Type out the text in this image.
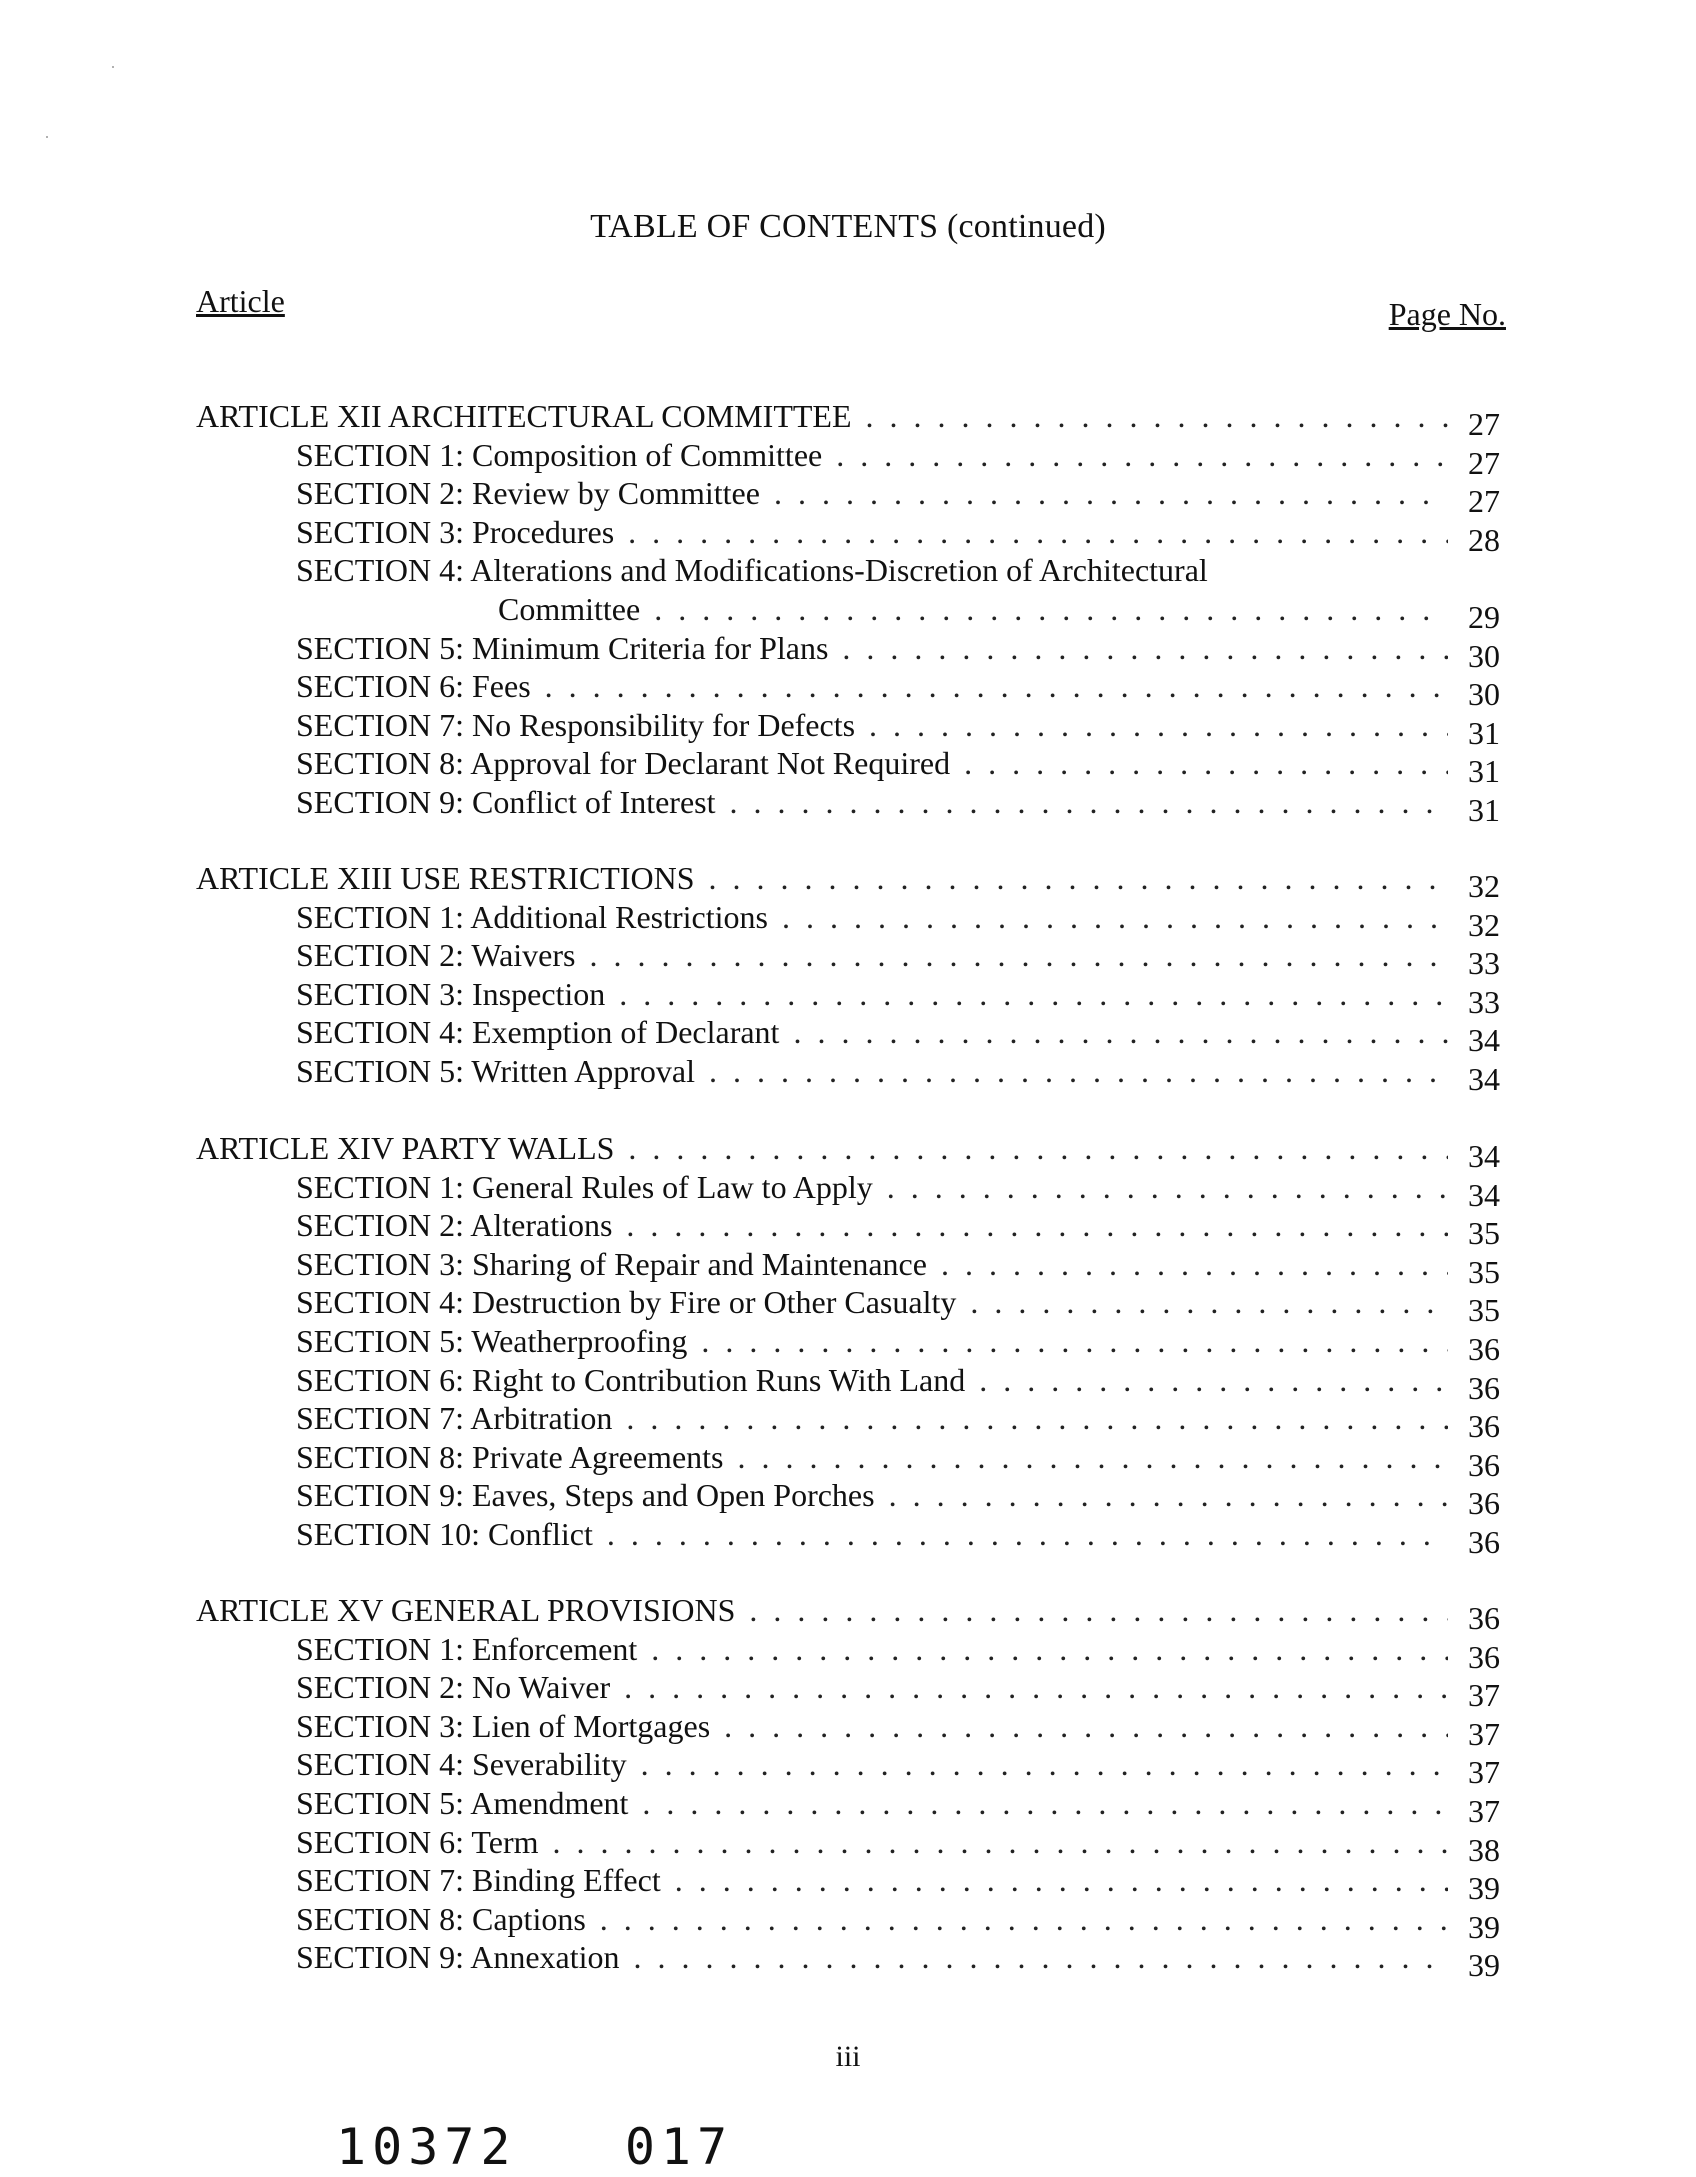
TABLE OF CONTENTS (continued)
Article	Page No.
ARTICLE XII ARCHITECTURAL COMMITTEE . . .	27
SECTION 1: Composition of Committee . . .	27
SECTION 2: Review by Committee . . .	27
SECTION 3: Procedures . . .	28
SECTION 4: Alterations and Modifications-Discretion of Architectural
Committee . . .	29
SECTION 5: Minimum Criteria for Plans . . .	30
SECTION 6: Fees . . .	30
SECTION 7: No Responsibility for Defects . . .	31
SECTION 8: Approval for Declarant Not Required . . .	31
SECTION 9: Conflict of Interest . . .	31
ARTICLE XIII USE RESTRICTIONS . . .	32
SECTION 1: Additional Restrictions . . .	32
SECTION 2: Waivers . . .	33
SECTION 3: Inspection . . .	33
SECTION 4: Exemption of Declarant . . .	34
SECTION 5: Written Approval . . .	34
ARTICLE XIV PARTY WALLS . . .	34
SECTION 1: General Rules of Law to Apply . . .	34
SECTION 2: Alterations . . .	35
SECTION 3: Sharing of Repair and Maintenance . . .	35
SECTION 4: Destruction by Fire or Other Casualty . . .	35
SECTION 5: Weatherproofing . . .	36
SECTION 6: Right to Contribution Runs With Land . . .	36
SECTION 7: Arbitration . . .	36
SECTION 8: Private Agreements . . .	36
SECTION 9: Eaves, Steps and Open Porches . . .	36
SECTION 10: Conflict . . .	36
ARTICLE XV GENERAL PROVISIONS . . .	36
SECTION 1: Enforcement . . .	36
SECTION 2: No Waiver . . .	37
SECTION 3: Lien of Mortgages . . .	37
SECTION 4: Severability . . .	37
SECTION 5: Amendment . . .	37
SECTION 6: Term . . .	38
SECTION 7: Binding Effect . . .	39
SECTION 8: Captions . . .	39
SECTION 9: Annexation . . .	39
iii
10372   017
